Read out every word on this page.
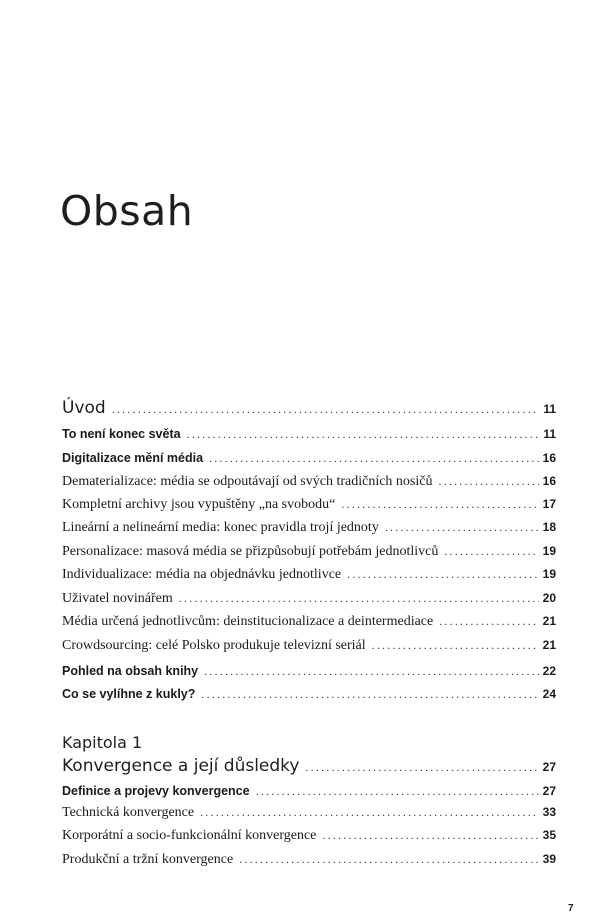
Obsah
Úvod .....	11
To není konec světa .....	11
Digitalizace mění média .....	16
Dematerializace: média se odpoutávají od svých tradičních nosičů .....	16
Kompletní archivy jsou vypuštěny „na svobodu“ .....	17
Lineární a nelineární media: konec pravidla trojí jednoty .....	18
Personalizace: masová média se přizpůsobují potřebám jednotlivců .....	19
Individualizace: média na objednávku jednotlivce .....	19
Uživatel novinářem .....	20
Média určená jednotlivcům: deinstitucionalizace a deintermediace .....	21
Crowdsourcing: celé Polsko produkuje televizní seriál .....	21
Pohled na obsah knihy .....	22
Co se vylíhne z kukly? .....	24
Kapitola 1
Konvergence a její důsledky .....	27
Definice a projevy konvergence .....	27
Technická konvergence .....	33
Korporátní a socio-funkcionální konvergence .....	35
Produkční a tržní konvergence .....	39
7
